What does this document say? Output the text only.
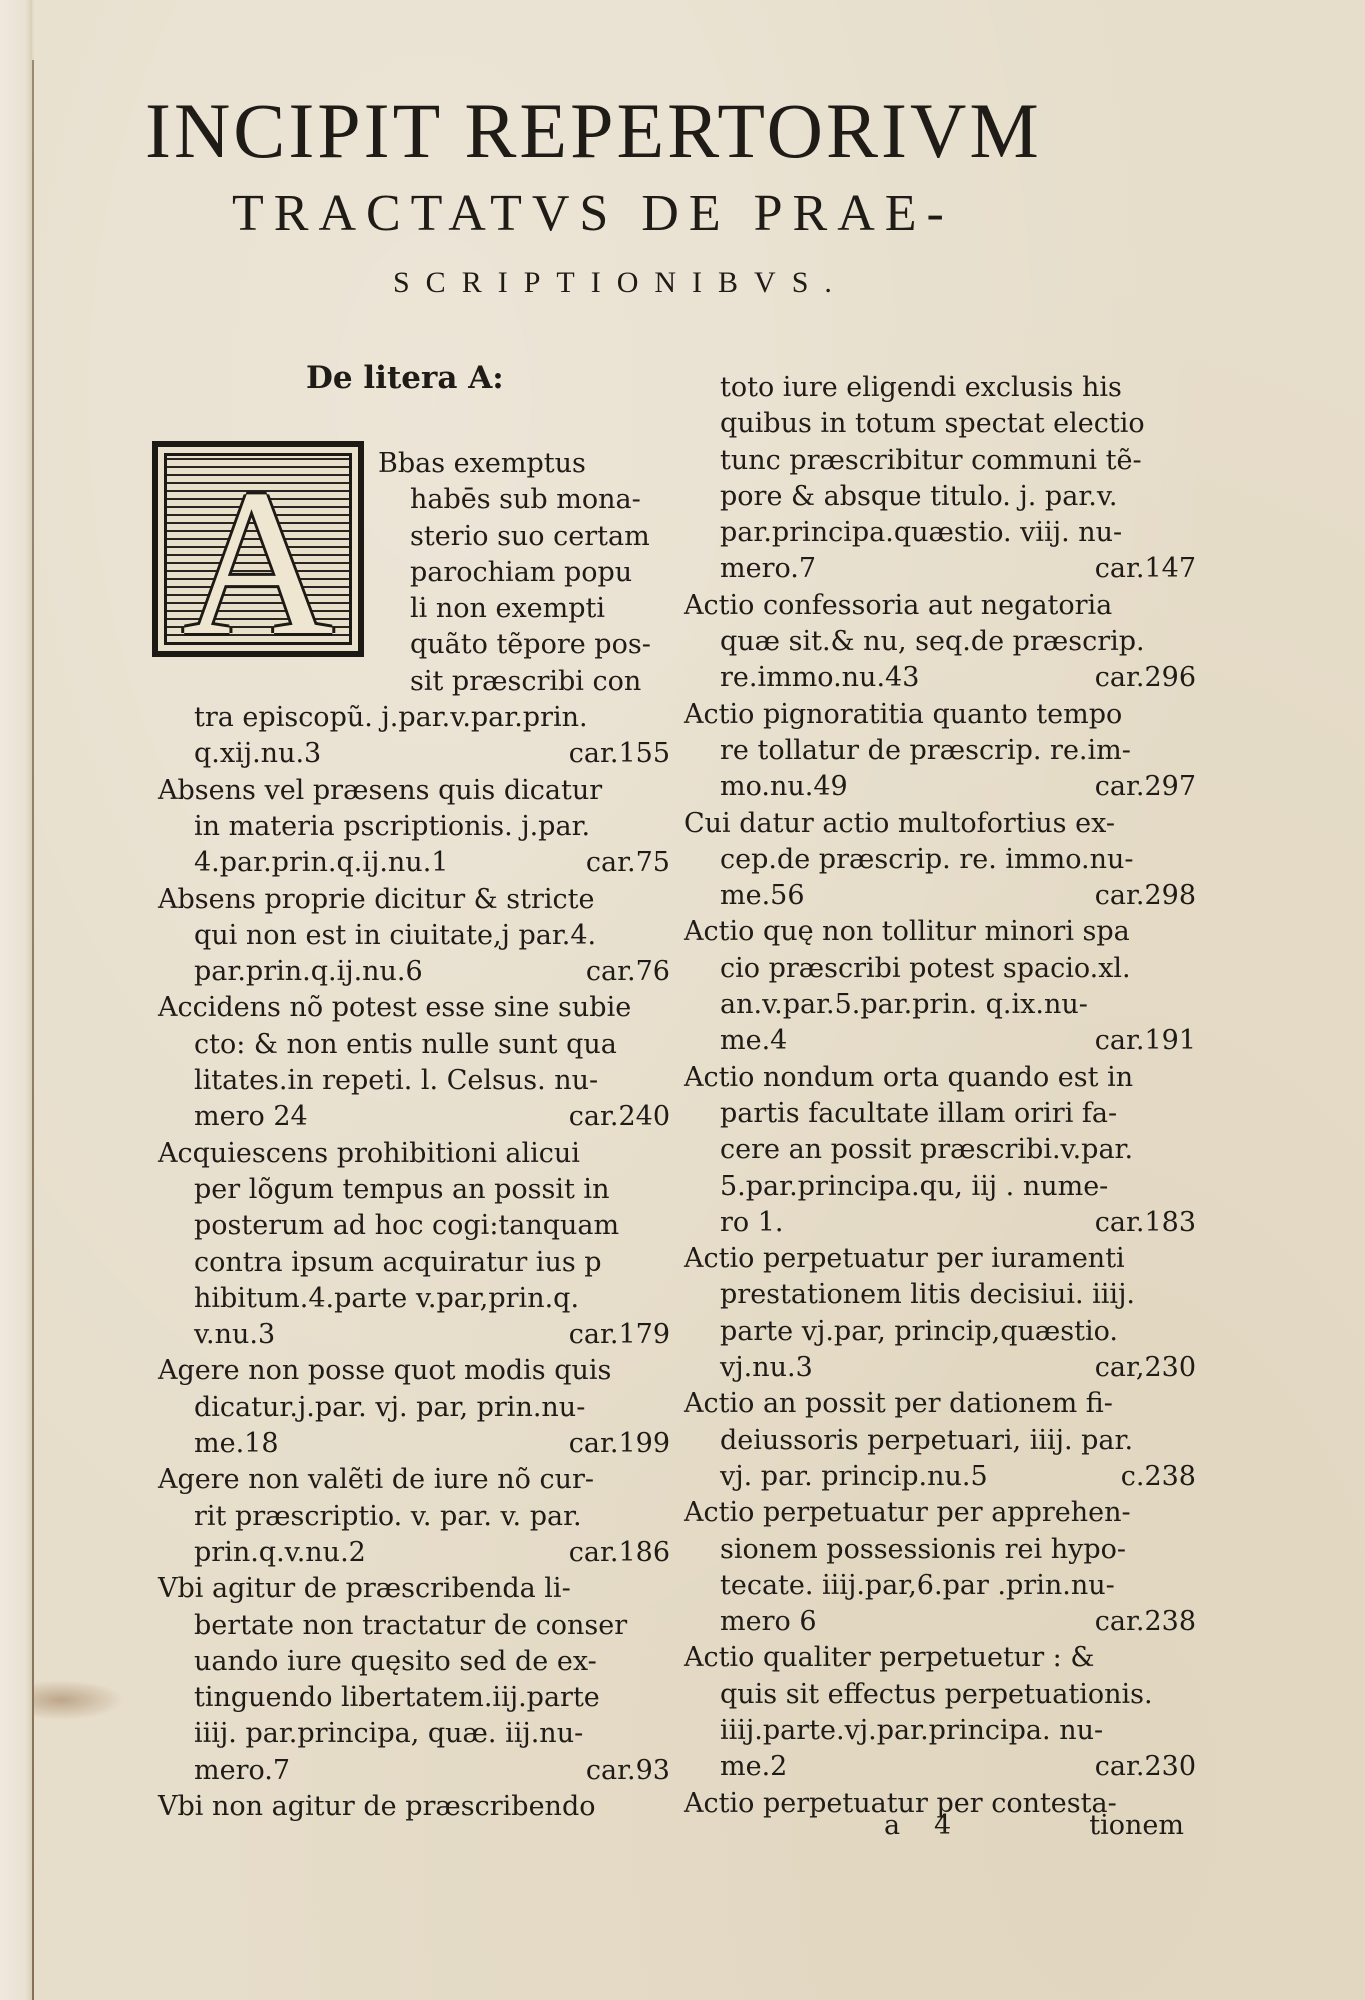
INCIPIT REPERTORIVM
TRACTATVS DE PRAE-
SCRIPTIONIBVS.
A
De litera A:
Bbas exemptus
habēs sub mona-
sterio suo certam
parochiam popu
li non exempti
quãto tẽpore pos-
sit præscribi con
tra episcopũ. j.par.v.par.prin.
q.xij.nu.3	car.155
Absens vel præsens quis dicatur
in materia pscriptionis. j.par.
4.par.prin.q.ij.nu.1	car.75
Absens proprie dicitur & stricte
qui non est in ciuitate,j par.4.
par.prin.q.ij.nu.6	car.76
Accidens nõ potest esse sine subie
cto: & non entis nulle sunt qua
litates.in repeti. l. Celsus. nu-
mero 24	car.240
Acquiescens prohibitioni alicui
per lõgum tempus an possit in
posterum ad hoc cogi:tanquam
contra ipsum acquiratur ius p
hibitum.4.parte v.par,prin.q.
v.nu.3	car.179
Agere non posse quot modis quis
dicatur.j.par. vj. par, prin.nu-
me.18	car.199
Agere non valẽti de iure nõ cur-
rit præscriptio. v. par. v. par.
prin.q.v.nu.2	car.186
Vbi agitur de præscribenda li-
bertate non tractatur de conser
uando iure quęsito sed de ex-
tinguendo libertatem.iij.parte
iiij. par.principa, quæ. iij.nu-
mero.7	car.93
Vbi non agitur de præscribendo
toto iure eligendi exclusis his
quibus in totum spectat electio
tunc præscribitur communi tẽ-
pore & absque titulo. j. par.v.
par.principa.quæstio. viij. nu-
mero.7	car.147
Actio confessoria aut negatoria
quæ sit.& nu, seq.de præscrip.
re.immo.nu.43	car.296
Actio pignoratitia quanto tempo
re tollatur de præscrip. re.im-
mo.nu.49	car.297
Cui datur actio multofortius ex-
cep.de præscrip. re. immo.nu-
me.56	car.298
Actio quę non tollitur minori spa
cio præscribi potest spacio.xl.
an.v.par.5.par.prin. q.ix.nu-
me.4	car.191
Actio nondum orta quando est in
partis facultate illam oriri fa-
cere an possit præscribi.v.par.
5.par.principa.qu, iij . nume-
ro 1.	car.183
Actio perpetuatur per iuramenti
prestationem litis decisiui. iiij.
parte vj.par, princip,quæstio.
vj.nu.3	car,230
Actio an possit per dationem fi-
deiussoris perpetuari, iiij. par.
vj. par. princip.nu.5	c.238
Actio perpetuatur per apprehen-
sionem possessionis rei hypo-
tecate. iiij.par,6.par .prin.nu-
mero 6	car.238
Actio qualiter perpetuetur : &
quis sit effectus perpetuationis.
iiij.parte.vj.par.principa. nu-
me.2	car.230
Actio perpetuatur per contesta-
a 4	tionem
